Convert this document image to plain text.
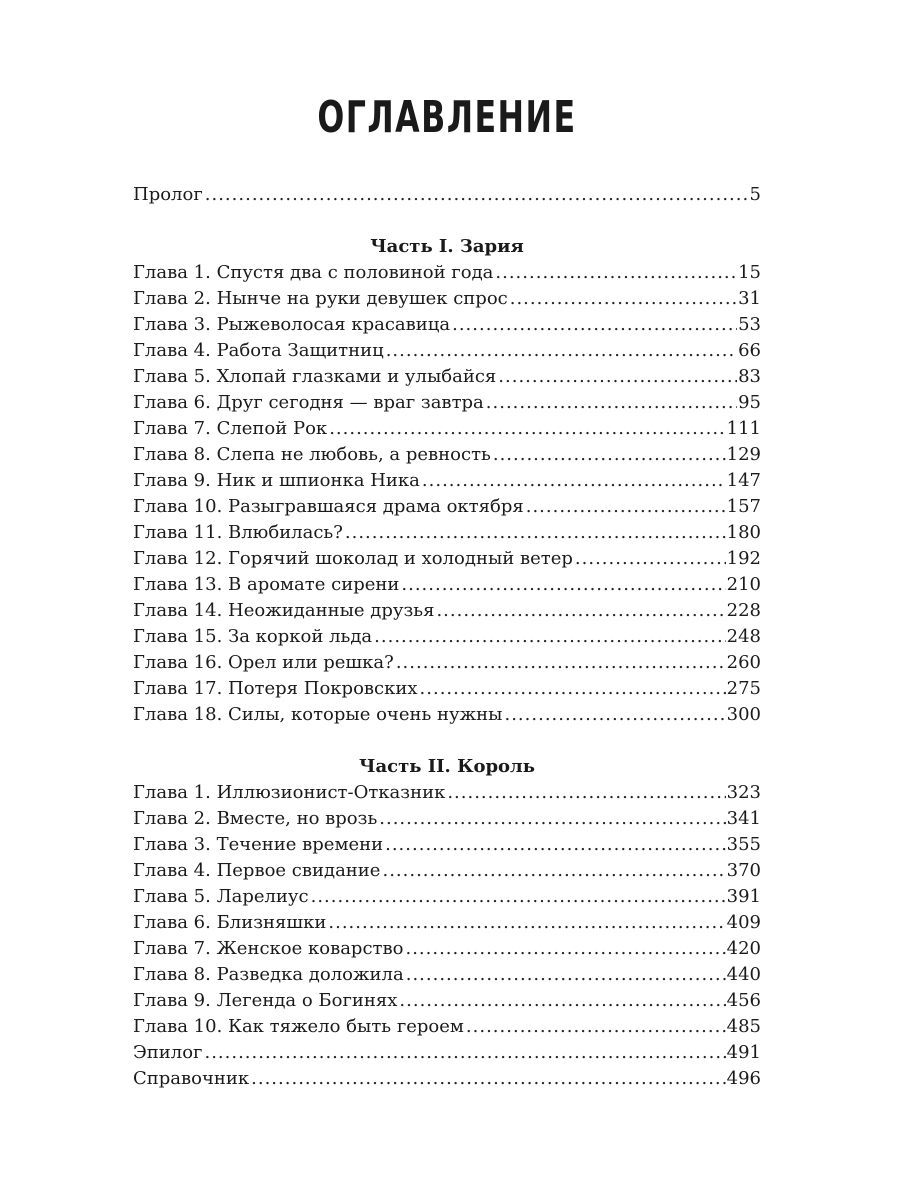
ОГЛАВЛЕНИЕ
Пролог .....	5
Часть I. Зария
Глава 1. Спустя два с половиной года .....	15
Глава 2. Нынче на руки девушек спрос .....	31
Глава 3. Рыжеволосая красавица .....	53
Глава 4. Работа Защитниц .....	66
Глава 5. Хлопай глазками и улыбайся .....	83
Глава 6. Друг сегодня — враг завтра .....	95
Глава 7. Слепой Рок .....	111
Глава 8. Слепа не любовь, а ревность .....	129
Глава 9. Ник и шпионка Ника .....	147
Глава 10. Разыгравшаяся драма октября .....	157
Глава 11. Влюбилась? .....	180
Глава 12. Горячий шоколад и холодный ветер .....	192
Глава 13. В аромате сирени .....	210
Глава 14. Неожиданные друзья .....	228
Глава 15. За коркой льда .....	248
Глава 16. Орел или решка? .....	260
Глава 17. Потеря Покровских .....	275
Глава 18. Силы, которые очень нужны .....	300
Часть II. Король
Глава 1. Иллюзионист-Отказник .....	323
Глава 2. Вместе, но врозь .....	341
Глава 3. Течение времени .....	355
Глава 4. Первое свидание .....	370
Глава 5. Ларелиус .....	391
Глава 6. Близняшки .....	409
Глава 7. Женское коварство .....	420
Глава 8. Разведка доложила .....	440
Глава 9. Легенда о Богинях .....	456
Глава 10. Как тяжело быть героем .....	485
Эпилог .....	491
Справочник .....	496
